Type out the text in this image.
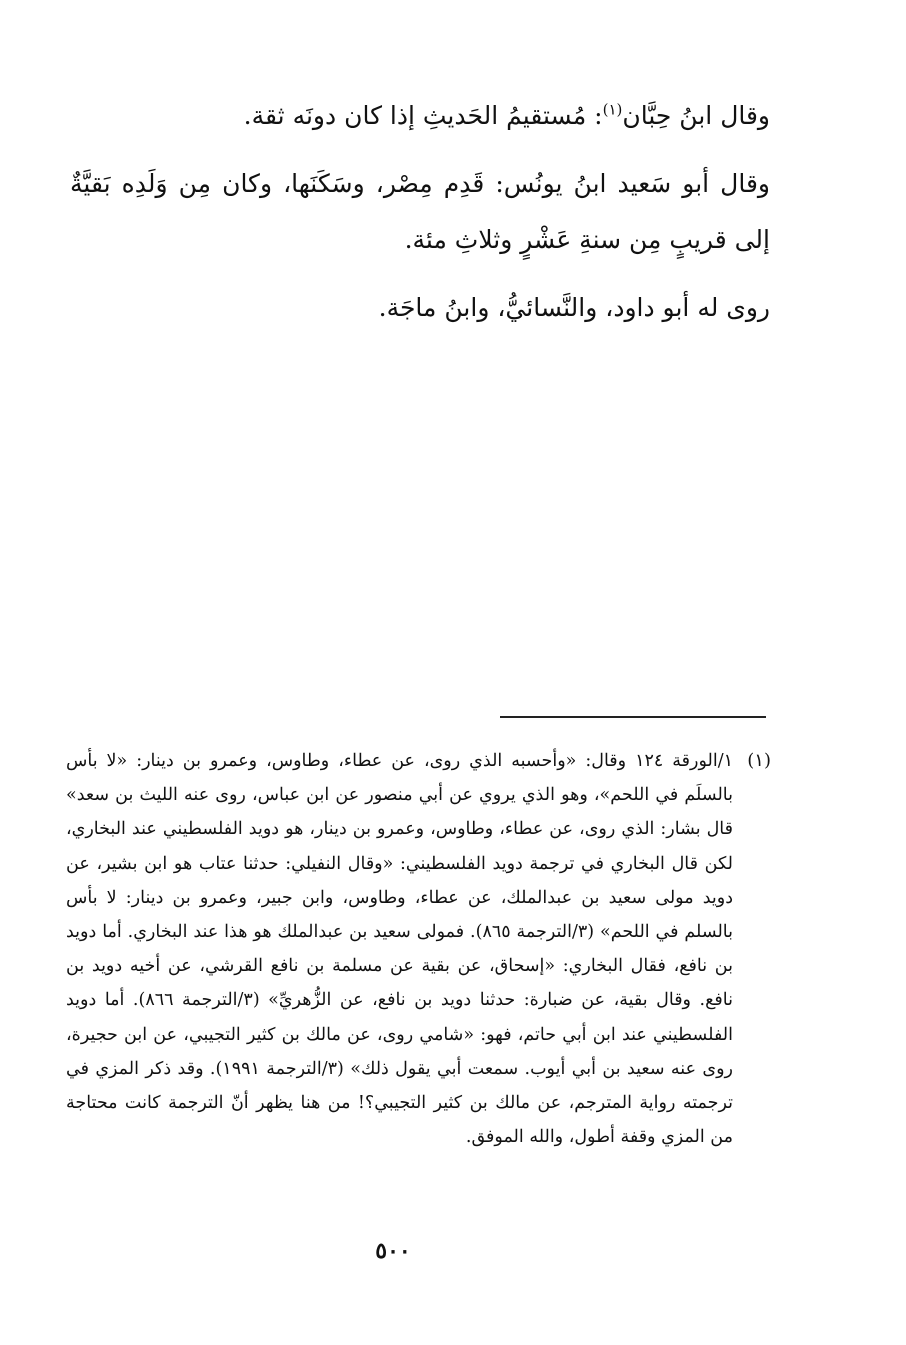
وقال ابنُ حِبَّان$^{(١)}$: مُستقيمُ الحَديثِ إذا كان دونَه ثقة.

وقال أبو سَعيد ابنُ يونُس: قَدِم مِصْر، وسَكَنَها، وكان مِن وَلَدِه بَقيَّةٌ إلى قريبٍ مِن سنةِ عَشْرٍ وثلاثِ مئة.

روى له أبو داود، والنَّسائيُّ، وابنُ ماجَة.

(١)

١/الورقة ١٢٤ وقال: «وأحسبه الذي روى، عن عطاء، وطاوس، وعمرو بن دينار: «لا بأس بالسلَم في اللحم»، وهو الذي يروي عن أبي منصور عن ابن عباس، روى عنه الليث بن سعد» قال بشار: الذي روى، عن عطاء، وطاوس، وعمرو بن دينار، هو دويد الفلسطيني عند البخاري، لكن قال البخاري في ترجمة دويد الفلسطيني: «وقال النفيلي: حدثنا عتاب هو ابن بشير، عن دويد مولى سعيد بن عبدالملك، عن عطاء، وطاوس، وابن جبير، وعمرو بن دينار: لا بأس بالسلم في اللحم» (٣/الترجمة ٨٦٥). فمولى سعيد بن عبدالملك هو هذا عند البخاري. أما دويد بن نافع، فقال البخاري: «إسحاق، عن بقية عن مسلمة بن نافع القرشي، عن أخيه دويد بن نافع. وقال بقية، عن ضبارة: حدثنا دويد بن نافع، عن الزُّهريِّ» (٣/الترجمة ٨٦٦). أما دويد الفلسطيني عند ابن أبي حاتم، فهو: «شامي روى، عن مالك بن كثير التجيبي، عن ابن حجيرة، روى عنه سعيد بن أبي أيوب. سمعت أبي يقول ذلك» (٣/الترجمة ١٩٩١). وقد ذكر المزي في ترجمته رواية المترجم، عن مالك بن كثير التجيبي؟! من هنا يظهر أنّ الترجمة كانت محتاجة من المزي وقفة أطول، والله الموفق.

٥٠٠
